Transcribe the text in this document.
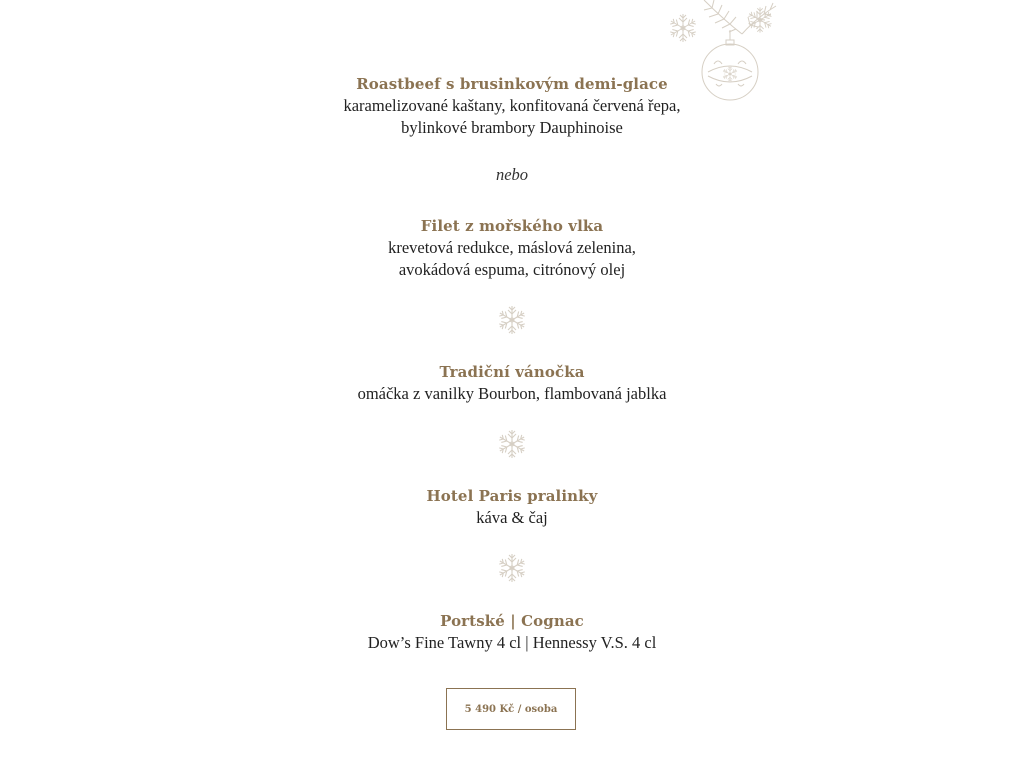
Roastbeef s brusinkovým demi-glace
karamelizované kaštany, konfitovaná červená řepa,
bylinkové brambory Dauphinoise
nebo
Filet z mořského vlka
krevetová redukce, máslová zelenina,
avokádová espuma, citrónový olej
Tradiční vánočka
omáčka z vanilky Bourbon, flambovaná jablka
Hotel Paris pralinky
káva & čaj
Portské | Cognac
Dow’s Fine Tawny 4 cl | Hennessy V.S. 4 cl
5 490 Kč / osoba
